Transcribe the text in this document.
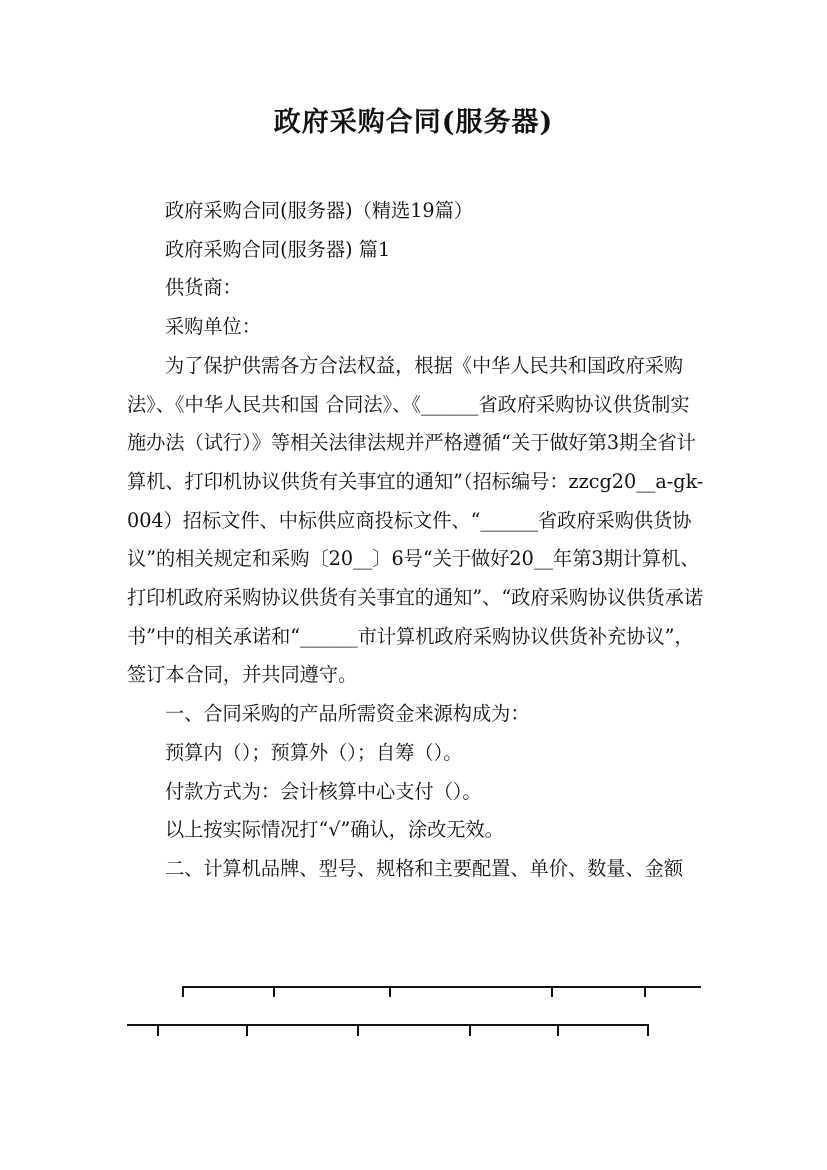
政府采购合同(服务器)

政府采购合同(服务器)（精选19篇）

政府采购合同(服务器) 篇1

供货商：

采购单位：

为了保护供需各方合法权益，根据《中华人民共和国政府采购法》、《中华人民共和国 合同法》、《______省政府采购协议供货制实施办法（试行）》等相关法律法规并严格遵循“关于做好第3期全省计算机、打印机协议供货有关事宜的通知”（招标编号：zzcg20__a-gk-004）招标文件、中标供应商投标文件、“______省政府采购供货协议”的相关规定和采购〔20__〕6号“关于做好20__年第3期计算机、打印机政府采购协议供货有关事宜的通知”、“政府采购协议供货承诺书”中的相关承诺和“______市计算机政府采购协议供货补充协议”，签订本合同，并共同遵守。

一、合同采购的产品所需资金来源构成为：

预算内（）；预算外（）；自筹（）。

付款方式为：会计核算中心支付（）。

以上按实际情况打“√”确认，涂改无效。

二、计算机品牌、型号、规格和主要配置、单价、数量、金额
